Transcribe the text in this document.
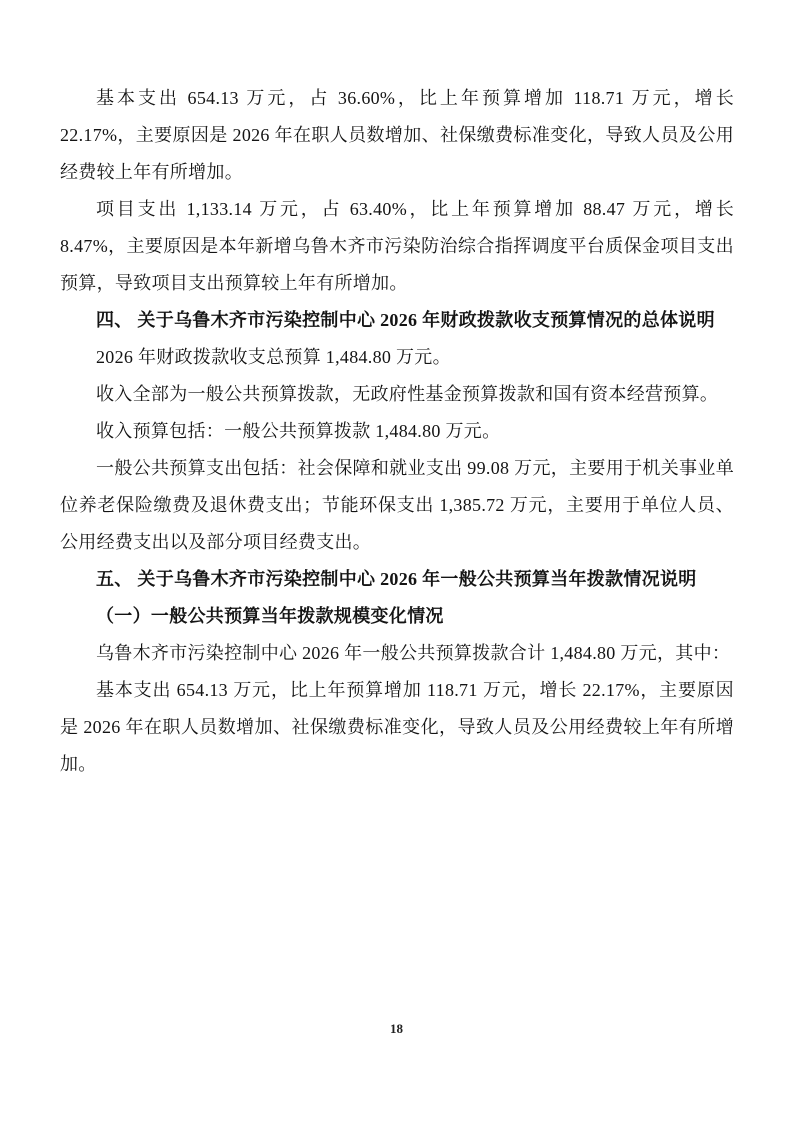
基本支出 654.13 万元，占 36.60%，比上年预算增加 118.71 万元，增长 22.17%，主要原因是 2026 年在职人员数增加、社保缴费标准变化，导致人员及公用经费较上年有所增加。

项目支出 1,133.14 万元，占 63.40%，比上年预算增加 88.47 万元，增长 8.47%，主要原因是本年新增乌鲁木齐市污染防治综合指挥调度平台质保金项目支出预算，导致项目支出预算较上年有所增加。

四、 关于乌鲁木齐市污染控制中心 2026 年财政拨款收支预算情况的总体说明

2026 年财政拨款收支总预算 1,484.80 万元。

收入全部为一般公共预算拨款，无政府性基金预算拨款和国有资本经营预算。

收入预算包括：一般公共预算拨款 1,484.80 万元。

一般公共预算支出包括：社会保障和就业支出 99.08 万元，主要用于机关事业单位养老保险缴费及退休费支出；节能环保支出 1,385.72 万元，主要用于单位人员、公用经费支出以及部分项目经费支出。

五、 关于乌鲁木齐市污染控制中心 2026 年一般公共预算当年拨款情况说明

（一）一般公共预算当年拨款规模变化情况

乌鲁木齐市污染控制中心 2026 年一般公共预算拨款合计 1,484.80 万元，其中：

基本支出 654.13 万元，比上年预算增加 118.71 万元，增长 22.17%，主要原因是 2026 年在职人员数增加、社保缴费标准变化，导致人员及公用经费较上年有所增加。

18
